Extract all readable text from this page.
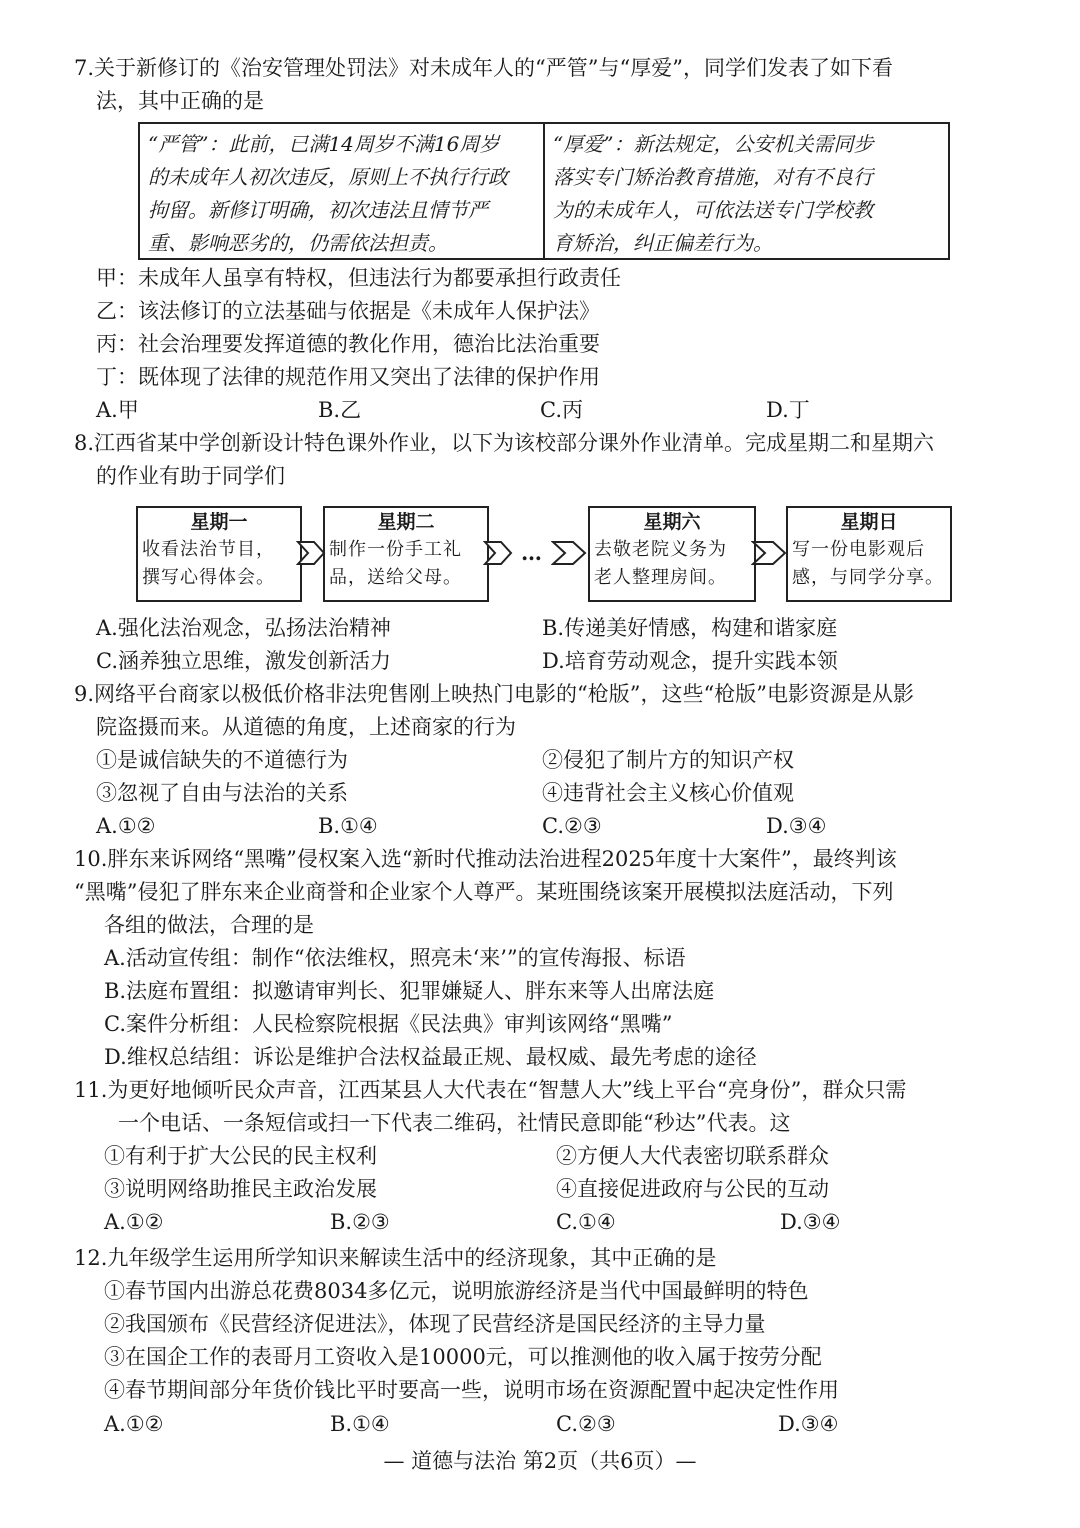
7.关于新修订的《治安管理处罚法》对未成年人的“严管”与“厚爱”，同学们发表了如下看
法，其中正确的是
“严管”：此前，已满14周岁不满16周岁
的未成年人初次违反，原则上不执行行政
拘留。新修订明确，初次违法且情节严
重、影响恶劣的，仍需依法担责。
“厚爱”：新法规定，公安机关需同步
落实专门矫治教育措施，对有不良行
为的未成年人，可依法送专门学校教
育矫治，纠正偏差行为。
甲：未成年人虽享有特权，但违法行为都要承担行政责任
乙：该法修订的立法基础与依据是《未成年人保护法》
丙：社会治理要发挥道德的教化作用，德治比法治重要
丁：既体现了法律的规范作用又突出了法律的保护作用
A.甲	B.乙	C.丙	D.丁
8.江西省某中学创新设计特色课外作业，以下为该校部分课外作业清单。完成星期二和星期六
的作业有助于同学们
星期一
收看法治节目，
撰写心得体会。
星期二
制作一份手工礼
品，送给父母。
星期六
去敬老院义务为
老人整理房间。
星期日
写一份电影观后
感，与同学分享。
…
A.强化法治观念，弘扬法治精神	B.传递美好情感，构建和谐家庭
C.涵养独立思维，激发创新活力	D.培育劳动观念，提升实践本领
9.网络平台商家以极低价格非法兜售刚上映热门电影的“枪版”，这些“枪版”电影资源是从影
院盗摄而来。从道德的角度，上述商家的行为
①是诚信缺失的不道德行为	②侵犯了制片方的知识产权
③忽视了自由与法治的关系	④违背社会主义核心价值观
A.①②	B.①④	C.②③	D.③④
10.胖东来诉网络“黑嘴”侵权案入选“新时代推动法治进程2025年度十大案件”，最终判该
“黑嘴”侵犯了胖东来企业商誉和企业家个人尊严。某班围绕该案开展模拟法庭活动，下列
各组的做法，合理的是
A.活动宣传组：制作“依法维权，照亮未‘来’”的宣传海报、标语
B.法庭布置组：拟邀请审判长、犯罪嫌疑人、胖东来等人出席法庭
C.案件分析组：人民检察院根据《民法典》审判该网络“黑嘴”
D.维权总结组：诉讼是维护合法权益最正规、最权威、最先考虑的途径
11.为更好地倾听民众声音，江西某县人大代表在“智慧人大”线上平台“亮身份”，群众只需
一个电话、一条短信或扫一下代表二维码，社情民意即能“秒达”代表。这
①有利于扩大公民的民主权利	②方便人大代表密切联系群众
③说明网络助推民主政治发展	④直接促进政府与公民的互动
A.①②	B.②③	C.①④	D.③④
12.九年级学生运用所学知识来解读生活中的经济现象，其中正确的是
①春节国内出游总花费8034多亿元，说明旅游经济是当代中国最鲜明的特色
②我国颁布《民营经济促进法》，体现了民营经济是国民经济的主导力量
③在国企工作的表哥月工资收入是10000元，可以推测他的收入属于按劳分配
④春节期间部分年货价钱比平时要高一些，说明市场在资源配置中起决定性作用
A.①②	B.①④	C.②③	D.③④
— 道德与法治 第2页（共6页）—
